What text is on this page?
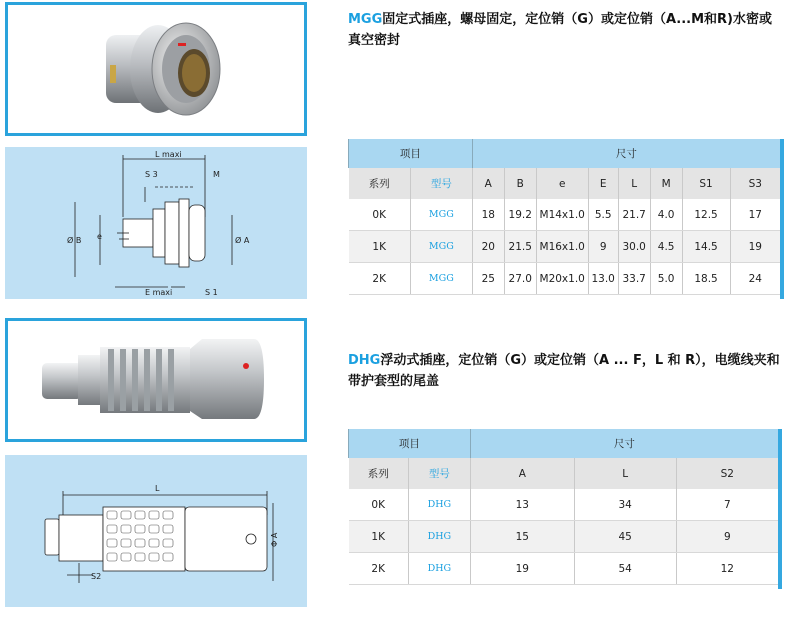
L maxi
S 3	M
e
Ø B	Ø A
E maxi	S 1
MGG固定式插座，螺母固定，定位销（G）或定位销（A...M和R)水密或真空密封
项目		尺寸							
系列	型号	A	B	e	E	L	M	S1	S3
0K	MGG	18	19.2	M14x1.0	5.5	21.7	4.0	12.5	17
1K	MGG	20	21.5	M16x1.0	9	30.0	4.5	14.5	19
2K	MGG	25	27.0	M20x1.0	13.0	33.7	5.0	18.5	24
L
Φ A
S2
DHG浮动式插座，定位销（G）或定位销（A ... F，L 和 R），电缆线夹和带护套型的尾盖
项目		尺寸		
系列	型号	A	L	S2
0K	DHG	13	34	7
1K	DHG	15	45	9
2K	DHG	19	54	12
